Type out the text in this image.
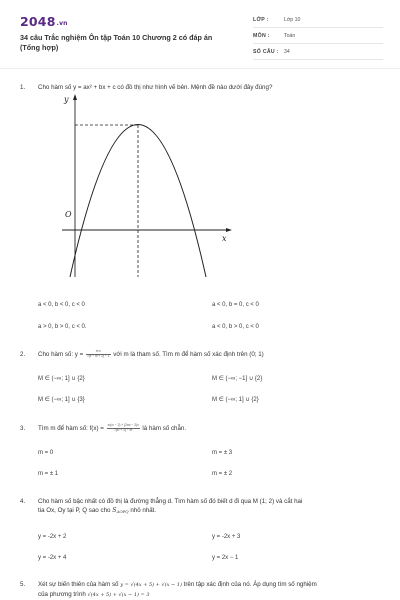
2048.vn
34 câu Trắc nghiệm Ôn tập Toán 10 Chương 2 có đáp án (Tổng hợp)
LỚP :	Lớp 10
MÔN :	Toán
SỐ CÂU : 34
1.	Cho hàm số y = ax² + bx + c có đồ thị như hình vẽ bên. Mệnh đề nào dưới đây đúng?
y
x
O
a < 0, b < 0, c < 0	a < 0, b = 0, c < 0
a > 0, b > 0, c < 0.	a < 0, b > 0, c < 0
2.	Cho hàm số: $y = \frac{\text{m x}}{√(x - m + 2) - 1}$ với m là tham số. Tìm m để hàm số xác định trên (0; 1)
M ∈ (−∞; 1] ∪ {2}	M ∈ (−∞; −1] ∪ {2}
M ∈ (−∞; 1] ∪ {3}	M ∈ (−∞; 1] ∪ {2}
3.	Tìm m để hàm số: $f(x) = \frac{\text{x²(x² − 2) + (2m² − 2)x}}{\text{√(x² + 1) − m}}$ là hàm số chẵn.
m = 0	m = ± 3
m = ± 1	m = ± 2
4.	Cho hàm số bậc nhất có đồ thị là đường thẳng d. Tìm hàm số đó biết d đi qua M (1; 2) và cắt hai
tia Ox, Oy tại P, Q sao cho $S_{\Delta OPQ}$ nhỏ nhất.
y = -2x + 2	y = -2x + 3
y = -2x + 4	y = 2x − 1
5.	Xét sự biến thiên của hàm số y = √(4x + 5) + √(x − 1) trên tập xác định của nó. Áp dụng tìm số nghiệm
của phương trình √(4x + 5) + √(x − 1) = 3
